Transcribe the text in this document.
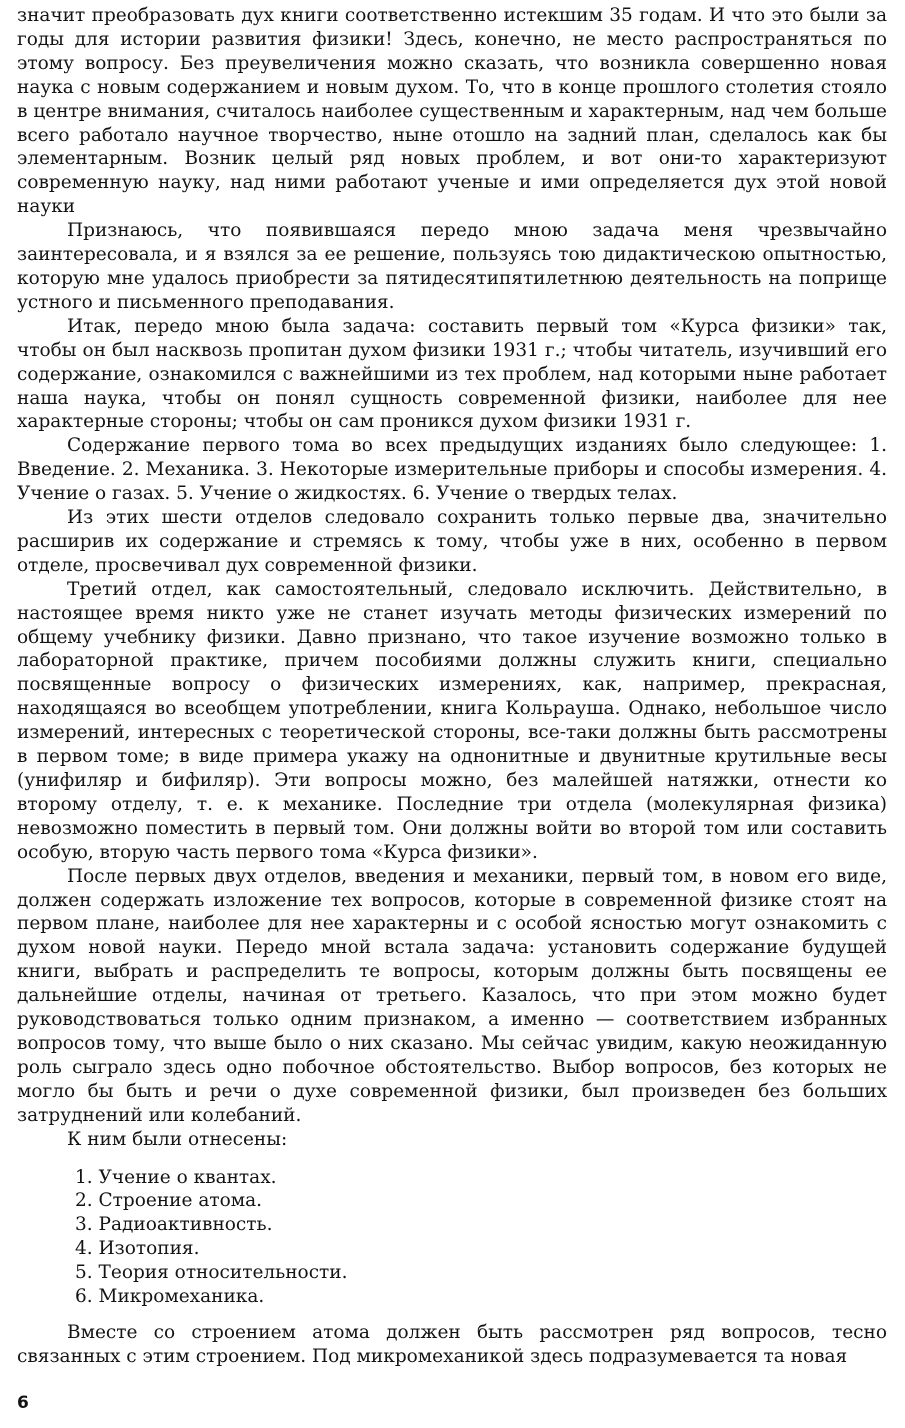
значит преобразовать дух книги соответственно истекшим 35 годам. И что это были за годы для истории развития физики! Здесь, конечно, не место распространяться по этому вопросу. Без преувеличения можно сказать, что возникла совершенно новая наука с новым содержанием и новым духом. То, что в конце прошлого столетия стояло в центре внимания, считалось наиболее существенным и характерным, над чем больше всего работало научное творчество, ныне отошло на задний план, сделалось как бы элементарным. Возник целый ряд новых проблем, и вот они-то характеризуют современную науку, над ними работают ученые и ими определяется дух этой новой науки

Признаюсь, что появившаяся передо мною задача меня чрезвычайно заинтересовала, и я взялся за ее решение, пользуясь тою дидактическою опытностью, которую мне удалось приобрести за пятидесятипятилетнюю деятельность на поприще устного и письменного преподавания.

Итак, передо мною была задача: составить первый том «Курса физики» так, чтобы он был насквозь пропитан духом физики 1931 г.; чтобы читатель, изучивший его содержание, ознакомился с важнейшими из тех проблем, над которыми ныне работает наша наука, чтобы он понял сущность современной физики, наиболее для нее характерные стороны; чтобы он сам проникся духом физики 1931 г.

Содержание первого тома во всех предыдущих изданиях было следующее: 1. Введение. 2. Механика. 3. Некоторые измерительные приборы и способы измерения. 4. Учение о газах. 5. Учение о жидкостях. 6. Учение о твердых телах.

Из этих шести отделов следовало сохранить только первые два, значительно расширив их содержание и стремясь к тому, чтобы уже в них, особенно в первом отделе, просвечивал дух современной физики.

Третий отдел, как самостоятельный, следовало исключить. Действительно, в настоящее время никто уже не станет изучать методы физических измерений по общему учебнику физики. Давно признано, что такое изучение возможно только в лабораторной практике, причем пособиями должны служить книги, специально посвященные вопросу о физических измерениях, как, например, прекрасная, находящаяся во всеобщем употреблении, книга Кольрауша. Однако, небольшое число измерений, интересных с теоретической стороны, все-таки должны быть рассмотрены в первом томе; в виде примера укажу на однонитные и двунитные крутильные весы (унифиляр и бифиляр). Эти вопросы можно, без малейшей натяжки, отнести ко второму отделу, т. е. к механике. Последние три отдела (молекулярная физика) невозможно поместить в первый том. Они должны войти во второй том или составить особую, вторую часть первого тома «Курса физики».

После первых двух отделов, введения и механики, первый том, в новом его виде, должен содержать изложение тех вопросов, которые в современной физике стоят на первом плане, наиболее для нее характерны и с особой ясностью могут ознакомить с духом новой науки. Передо мной встала задача: установить содержание будущей книги, выбрать и распределить те вопросы, которым должны быть посвящены ее дальнейшие отделы, начиная от третьего. Казалось, что при этом можно будет руководствоваться только одним признаком, а именно — соответствием избранных вопросов тому, что выше было о них сказано. Мы сейчас увидим, какую неожиданную роль сыграло здесь одно побочное обстоятельство. Выбор вопросов, без которых не могло бы быть и речи о духе современной физики, был произведен без больших затруднений или колебаний.

К ним были отнесены:

1. Учение о квантах.
2. Строение атома.
3. Радиоактивность.
4. Изотопия.
5. Теория относительности.
6. Микромеханика.

Вместе со строением атома должен быть рассмотрен ряд вопросов, тесно связанных с этим строением. Под микромеханикой здесь подразумевается та новая

6
